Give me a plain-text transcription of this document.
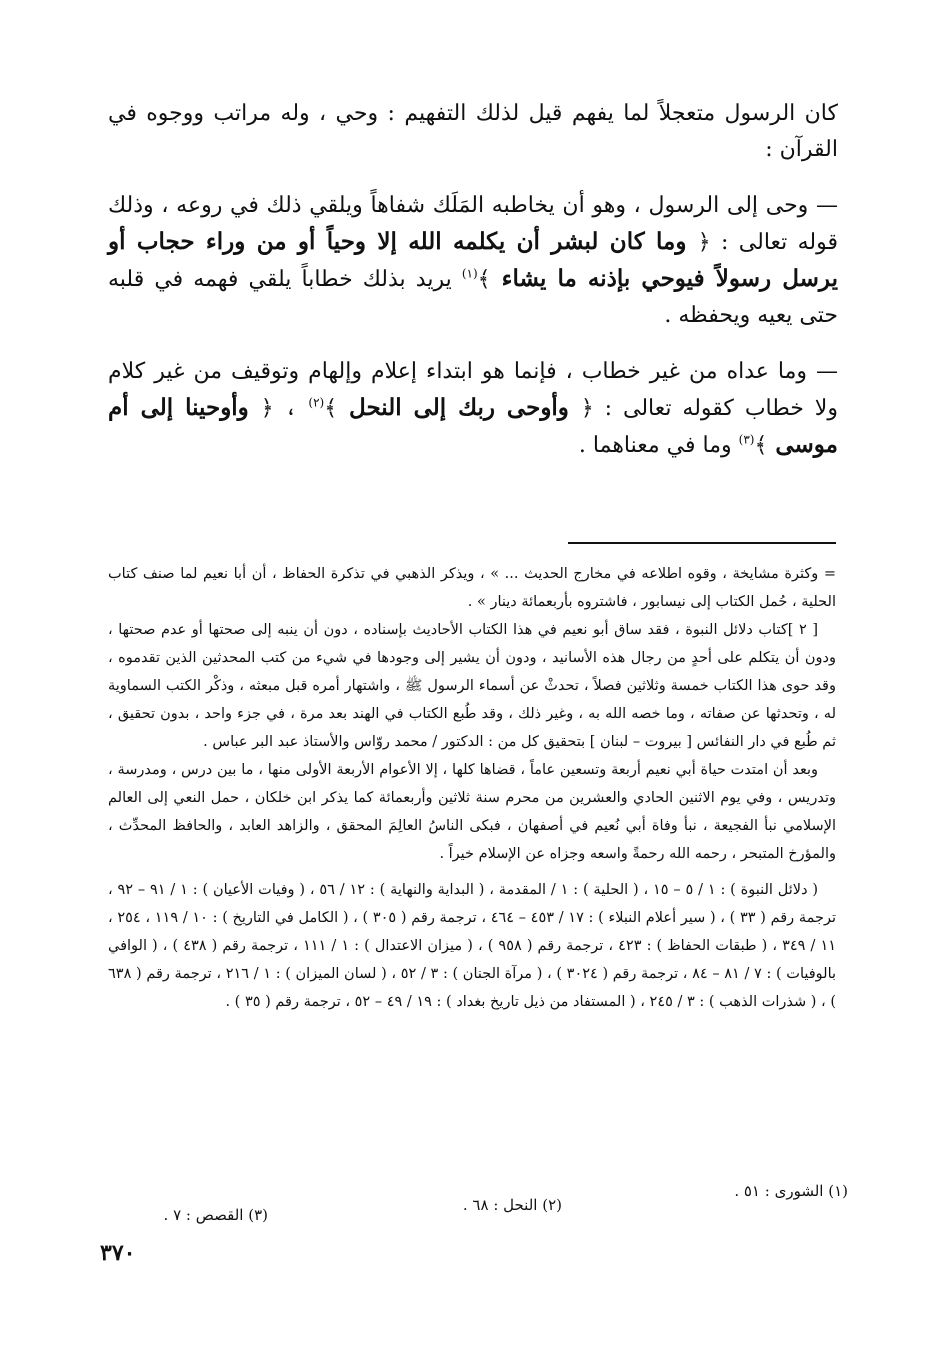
كان الرسول متعجلاً لما يفهم قيل لذلك التفهيم : وحي ، وله مراتب ووجوه في القرآن :

— وحى إلى الرسول ، وهو أن يخاطبه المَلَك شفاهاً ويلقي ذلك في روعه ، وذلك قوله تعالى : ﴿ وما كان لبشر أن يكلمه الله إلا وحياً أو من وراء حجاب أو يرسل رسولاً فيوحي بإذنه ما يشاء ﴾$^{(١)}$ يريد بذلك خطاباً يلقي فهمه في قلبه حتى يعيه ويحفظه .

— وما عداه من غير خطاب ، فإنما هو ابتداء إعلام وإلهام وتوقيف من غير كلام ولا خطاب كقوله تعالى : ﴿ وأوحى ربك إلى النحل ﴾$^{(٢)}$ ، ﴿ وأوحينا إلى أم موسى ﴾$^{(٣)}$ وما في معناهما .

= وكثرة مشايخة ، وقوه اطلاعه في مخارج الحديث ... » ، ويذكر الذهبي في تذكرة الحفاظ ، أن أبا نعيم لما صنف كتاب الحلية ، حُمل الكتاب إلى نيسابور ، فاشتروه بأربعمائة دينار » .

[ ٢ ]كتاب دلائل النبوة ، فقد ساق أبو نعيم في هذا الكتاب الأحاديث بإسناده ، دون أن ينبه إلى صحتها أو عدم صحتها ، ودون أن يتكلم على أحدٍ من رجال هذه الأسانيد ، ودون أن يشير إلى وجودها في شيء من كتب المحدثين الذين تقدموه ، وقد حوى هذا الكتاب خمسة وثلاثين فصلاً ، تحدثْ عن أسماء الرسول ﷺ ، واشتهار أمره قبل مبعثه ، وذكْر الكتب السماوية له ، وتحدثها عن صفاته ، وما خصه الله به ، وغير ذلك ، وقد طُبع الكتاب في الهند بعد مرة ، في جزء واحد ، بدون تحقيق ، ثم طُبع في دار النفائس [ بيروت – لبنان ] بتحقيق كل من : الدكتور / محمد روّاس والأستاذ عبد البر عباس .

وبعد أن امتدت حياة أبي نعيم أربعة وتسعين عاماً ، قضاها كلها ، إلا الأعوام الأربعة الأولى منها ، ما بين درس ، ومدرسة ، وتدريس ، وفي يوم الاثنين الحادي والعشرين من محرم سنة ثلاثين وأربعمائة كما يذكر ابن خلكان ، حمل النعي إلى العالم الإسلامي نبأ الفجيعة ، نبأ وفاة أبي نُعيم في أصفهان ، فبكى الناسُ العالِمَ المحقق ، والزاهد العابد ، والحافظ المحدِّث ، والمؤرخ المتبحر ، رحمه الله رحمةً واسعه وجزاه عن الإسلام خيراً .

( دلائل النبوة ) : ١ / ٥ – ١٥ ، ( الحلية ) : ١ / المقدمة ، ( البداية والنهاية ) : ١٢ / ٥٦ ، ( وفيات الأعيان ) : ١ / ٩١ – ٩٢ ، ترجمة رقم ( ٣٣ ) ، ( سير أعلام النبلاء ) : ١٧ / ٤٥٣ – ٤٦٤ ، ترجمة رقم ( ٣٠٥ ) ، ( الكامل في التاريخ ) : ١٠ / ١١٩ ، ٢٥٤ ، ١١ / ٣٤٩ ، ( طبقات الحفاظ ) : ٤٢٣ ، ترجمة رقم ( ٩٥٨ ) ، ( ميزان الاعتدال ) : ١ / ١١١ ، ترجمة رقم ( ٤٣٨ ) ، ( الوافي بالوفيات ) : ٧ / ٨١ – ٨٤ ، ترجمة رقم ( ٣٠٢٤ ) ، ( مرآة الجنان ) : ٣ / ٥٢ ، ( لسان الميزان ) : ١ / ٢١٦ ، ترجمة رقم ( ٦٣٨ ) ، ( شذرات الذهب ) : ٣ / ٢٤٥ ، ( المستفاد من ذيل تاريخ بغداد ) : ١٩ / ٤٩ – ٥٢ ، ترجمة رقم ( ٣٥ ) .

(١) الشورى : ٥١ .
(٢) النحل : ٦٨ .
(٣) القصص : ٧ .
٣٧٠
